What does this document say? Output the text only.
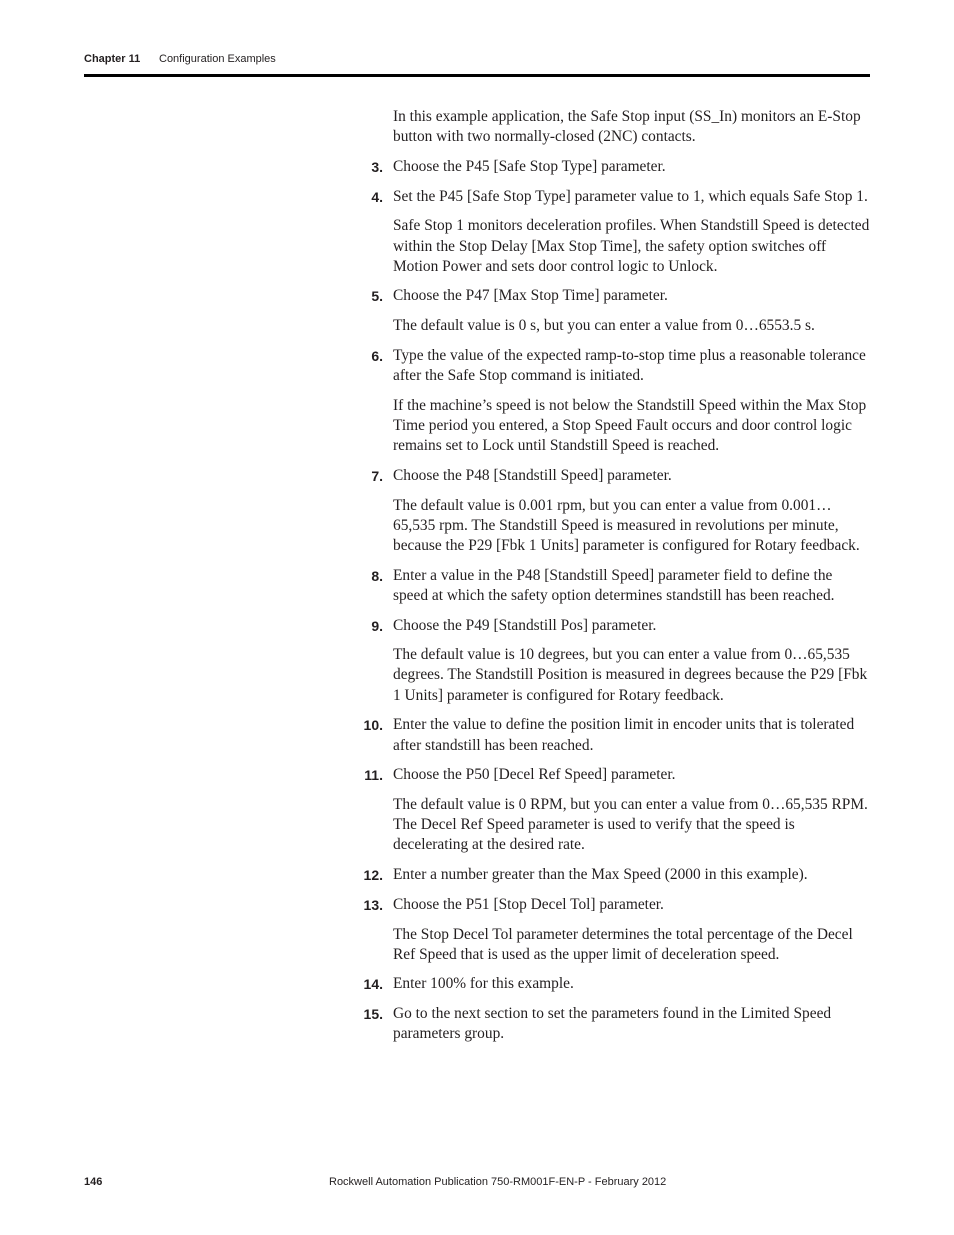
Chapter 11 Configuration Examples

In this example application, the Safe Stop input (SS_In) monitors an E-Stop button with two normally-closed (2NC) contacts.

3. Choose the P45 [Safe Stop Type] parameter.
4. Set the P45 [Safe Stop Type] parameter value to 1, which equals Safe Stop 1.

Safe Stop 1 monitors deceleration profiles. When Standstill Speed is detected within the Stop Delay [Max Stop Time], the safety option switches off Motion Power and sets door control logic to Unlock.

5. Choose the P47 [Max Stop Time] parameter.

The default value is 0 s, but you can enter a value from 0…6553.5 s.

6. Type the value of the expected ramp-to-stop time plus a reasonable tolerance after the Safe Stop command is initiated.

If the machine’s speed is not below the Standstill Speed within the Max Stop Time period you entered, a Stop Speed Fault occurs and door control logic remains set to Lock until Standstill Speed is reached.

7. Choose the P48 [Standstill Speed] parameter.

The default value is 0.001 rpm, but you can enter a value from 0.001…65,535 rpm. The Standstill Speed is measured in revolutions per minute, because the P29 [Fbk 1 Units] parameter is configured for Rotary feedback.

8. Enter a value in the P48 [Standstill Speed] parameter field to define the speed at which the safety option determines standstill has been reached.
9. Choose the P49 [Standstill Pos] parameter.

The default value is 10 degrees, but you can enter a value from 0…65,535 degrees. The Standstill Position is measured in degrees because the P29 [Fbk 1 Units] parameter is configured for Rotary feedback.

10. Enter the value to define the position limit in encoder units that is tolerated after standstill has been reached.
11. Choose the P50 [Decel Ref Speed] parameter.

The default value is 0 RPM, but you can enter a value from 0…65,535 RPM. The Decel Ref Speed parameter is used to verify that the speed is decelerating at the desired rate.

12. Enter a number greater than the Max Speed (2000 in this example).
13. Choose the P51 [Stop Decel Tol] parameter.

The Stop Decel Tol parameter determines the total percentage of the Decel Ref Speed that is used as the upper limit of deceleration speed.

14. Enter 100% for this example.
15. Go to the next section to set the parameters found in the Limited Speed parameters group.
146	Rockwell Automation Publication 750-RM001F-EN-P - February 2012
